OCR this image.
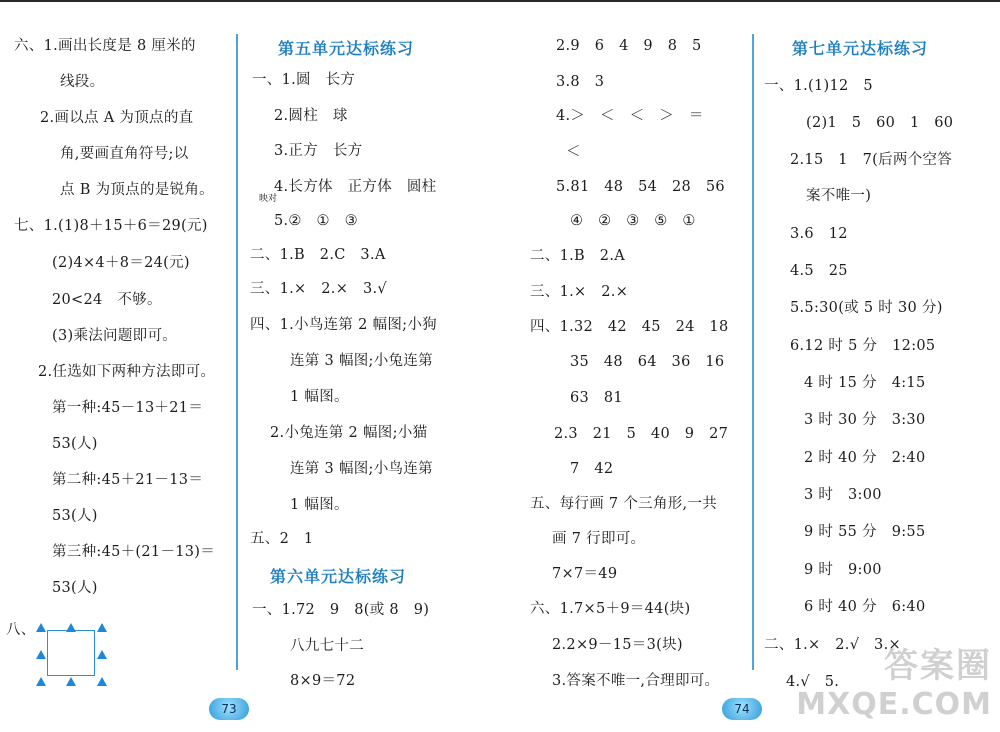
六、1.画出长度是 8 厘米的
线段。
2.画以点 A 为顶点的直
角,要画直角符号;以
点 B 为顶点的是锐角。
七、1.(1)8＋15＋6＝29(元)
(2)4×4＋8＝24(元)
20<24　不够。
(3)乘法问题即可。
2.任选如下两种方法即可。
第一种:45－13＋21＝
53(人)
第二种:45＋21－13＝
53(人)
第三种:45＋(21－13)＝
53(人)
八、
第五单元达标练习
一、1.圆　长方
2.圆柱　球
3.正方　长方
4.长方体　正方体　圆柱
映对
5.②　①　③
二、1.B　2.C　3.A
三、1.×　2.×　3.√
四、1.小鸟连第 2 幅图;小狗
连第 3 幅图;小兔连第
1 幅图。
2.小兔连第 2 幅图;小猫
连第 3 幅图;小鸟连第
1 幅图。
五、2　1
第六单元达标练习
一、1.72　9　8(或 8　9)
八九七十二
8×9＝72
73
2.9　6　4　9　8　5
3.8　3
4.＞　＜　＜　＞　＝
＜
5.81　48　54　28　56
④　②　③　⑤　①
二、1.B　2.A
三、1.×　2.×
四、1.32　42　45　24　18
35　48　64　36　16
63　81
2.3　21　5　40　9　27
7　42
五、每行画 7 个三角形,一共
画 7 行即可。
7×7＝49
六、1.7×5＋9＝44(块)
2.2×9－15＝3(块)
3.答案不唯一,合理即可。
74
第七单元达标练习
一、1.(1)12　5
(2)1　5　60　1　60
2.15　1　7(后两个空答
案不唯一)
3.6　12
4.5　25
5.5:30(或 5 时 30 分)
6.12 时 5 分　12:05
4 时 15 分　4:15
3 时 30 分　3:30
2 时 40 分　2:40
3 时　3:00
9 时 55 分　9:55
9 时　9:00
6 时 40 分　6:40
二、1.×　2.√　3.×
4.√　5.	答案圈
MXQE.COM
